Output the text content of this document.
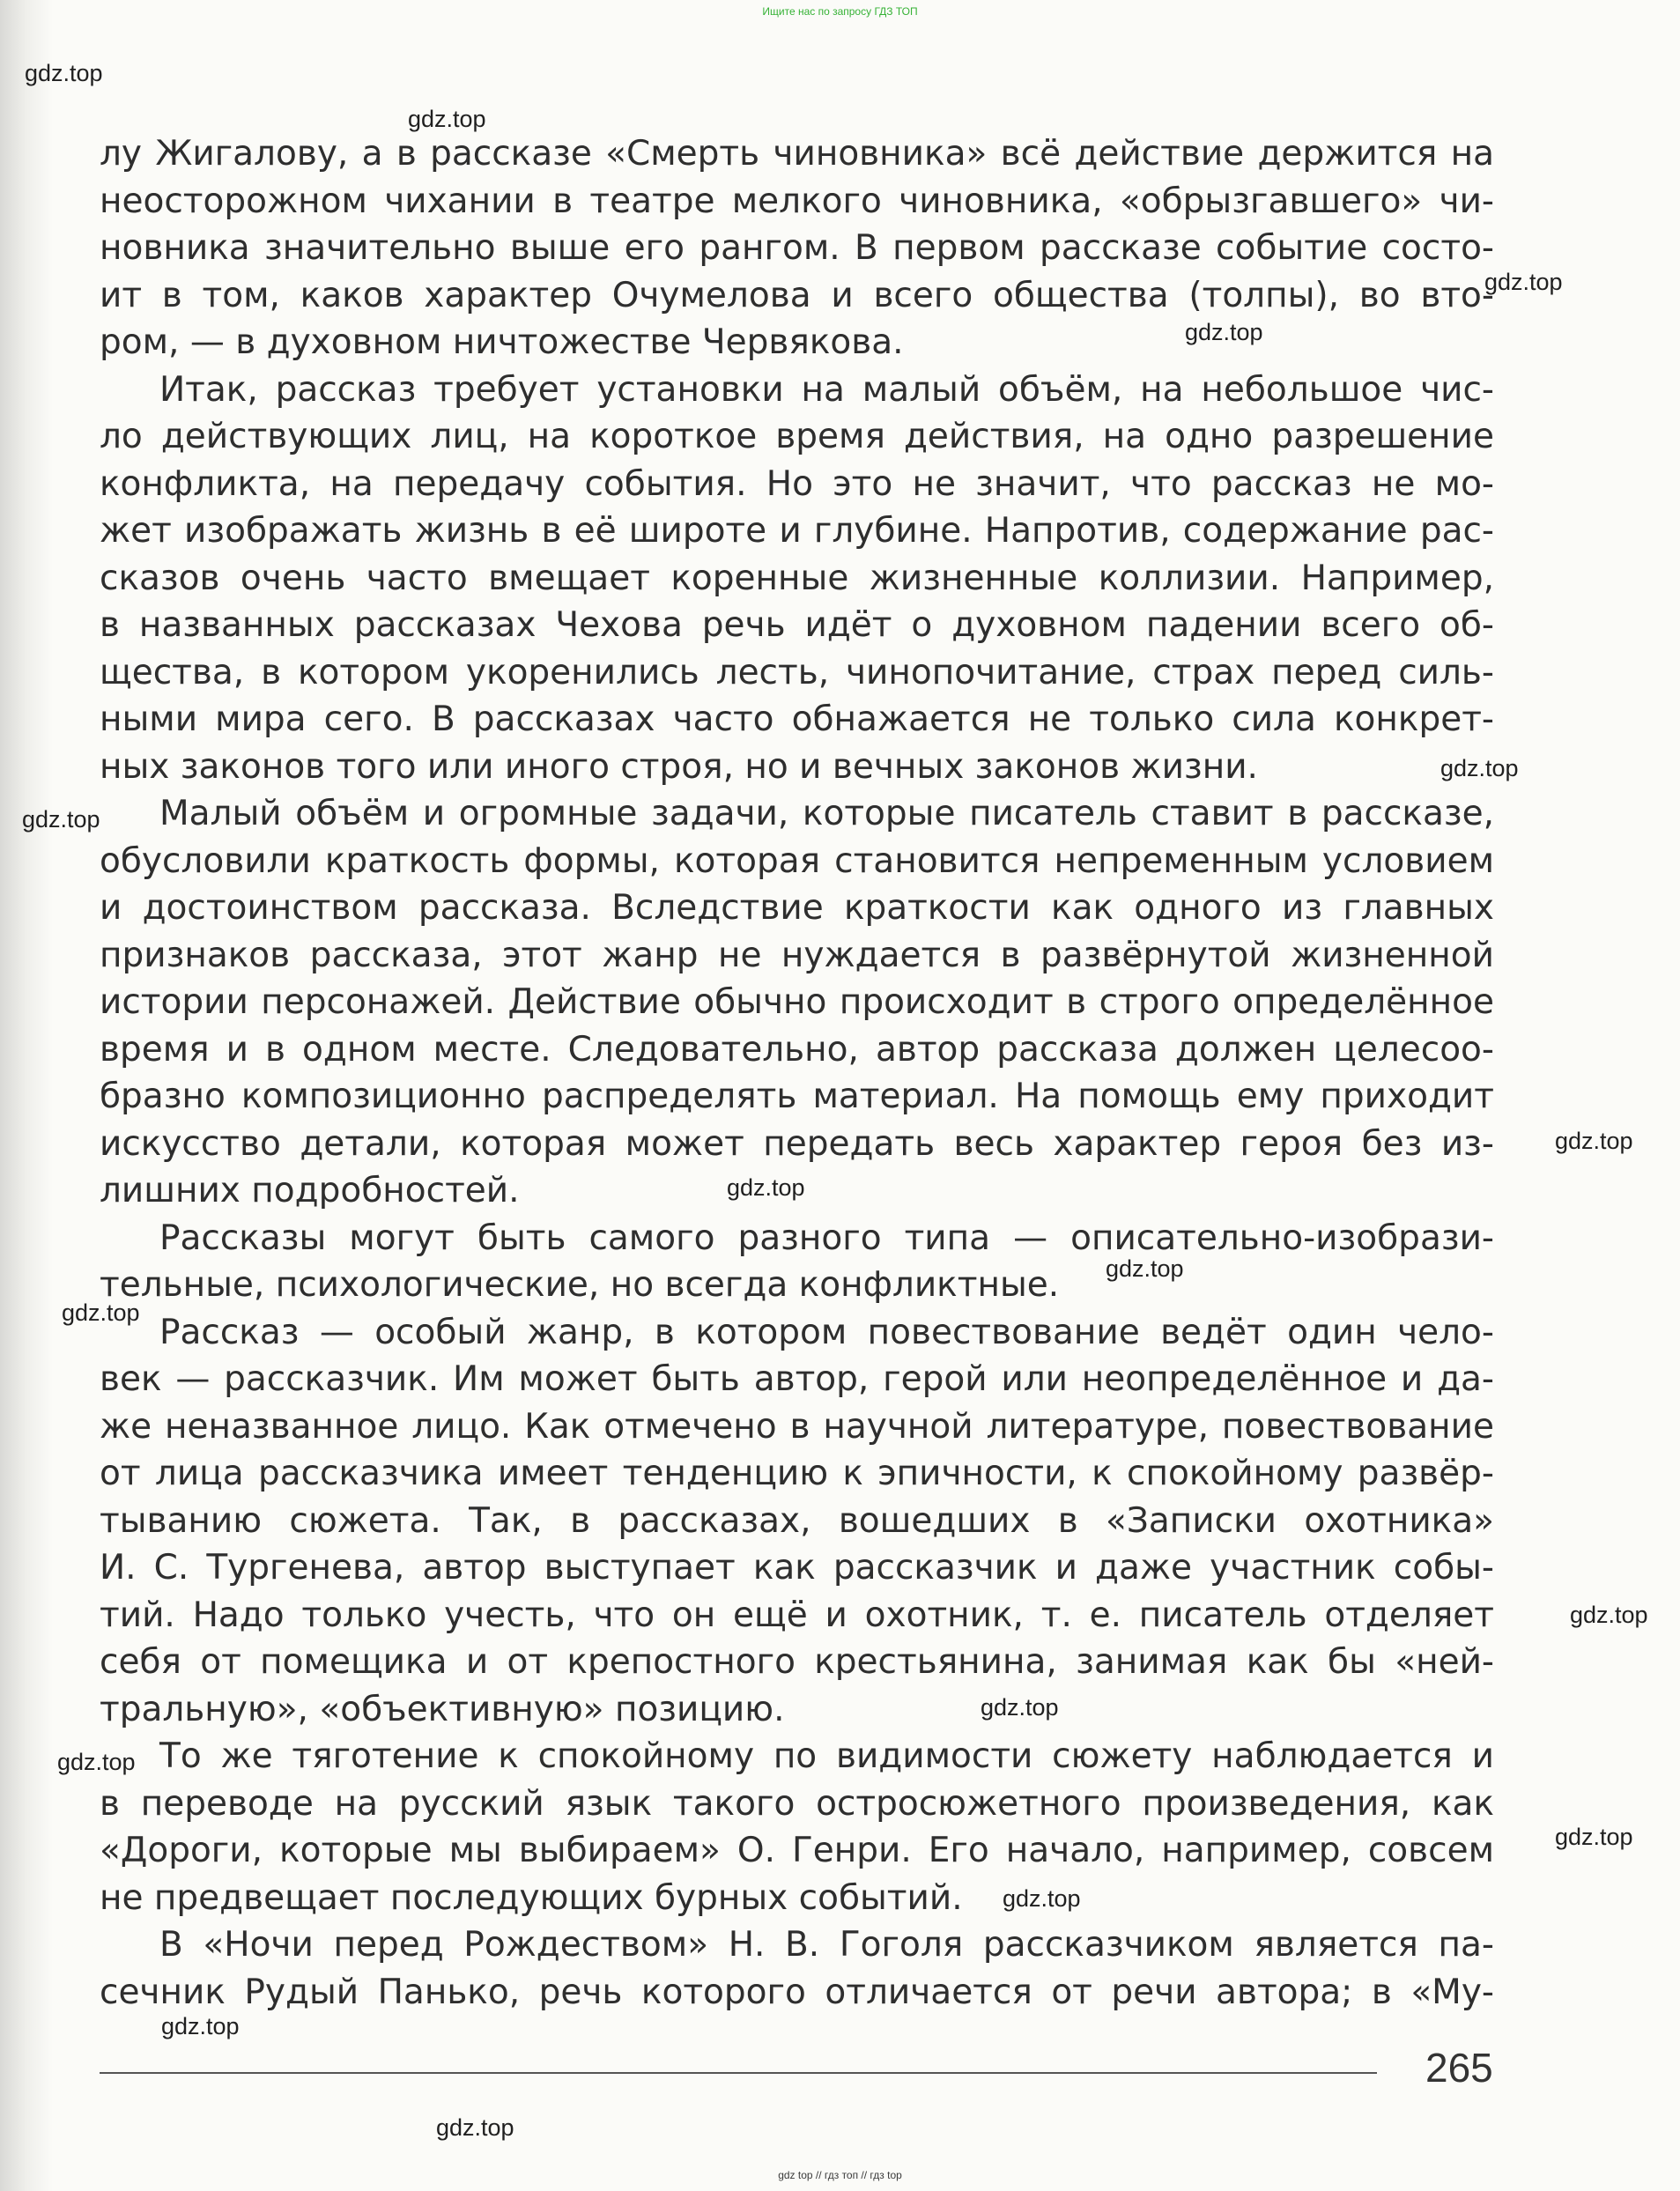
Ищите нас по запросу ГДЗ ТОП
лу Жигалову, а в рассказе «Смерть чиновника» всё действие держится на
неосторожном чихании в театре мелкого чиновника, «обрызгавшего» чи-
новника значительно выше его рангом. В первом рассказе событие состо-
ит в том, каков характер Очумелова и всего общества (толпы), во вто-
ром, — в духовном ничтожестве Червякова.
Итак, рассказ требует установки на малый объём, на небольшое чис-
ло действующих лиц, на короткое время действия, на одно разрешение
конфликта, на передачу события. Но это не значит, что рассказ не мо-
жет изображать жизнь в её широте и глубине. Напротив, содержание рас-
сказов очень часто вмещает коренные жизненные коллизии. Например,
в названных рассказах Чехова речь идёт о духовном падении всего об-
щества, в котором укоренились лесть, чинопочитание, страх перед силь-
ными мира сего. В рассказах часто обнажается не только сила конкрет-
ных законов того или иного строя, но и вечных законов жизни.
Малый объём и огромные задачи, которые писатель ставит в рассказе,
обусловили краткость формы, которая становится непременным условием
и достоинством рассказа. Вследствие краткости как одного из главных
признаков рассказа, этот жанр не нуждается в развёрнутой жизненной
истории персонажей. Действие обычно происходит в строго определённое
время и в одном месте. Следовательно, автор рассказа должен целесоо-
бразно композиционно распределять материал. На помощь ему приходит
искусство детали, которая может передать весь характер героя без из-
лишних подробностей.
Рассказы могут быть самого разного типа — описательно-изобрази-
тельные, психологические, но всегда конфликтные.
Рассказ — особый жанр, в котором повествование ведёт один чело-
век — рассказчик. Им может быть автор, герой или неопределённое и да-
же неназванное лицо. Как отмечено в научной литературе, повествование
от лица рассказчика имеет тенденцию к эпичности, к спокойному развёр-
тыванию сюжета. Так, в рассказах, вошедших в «Записки охотника»
И. С. Тургенева, автор выступает как рассказчик и даже участник собы-
тий. Надо только учесть, что он ещё и охотник, т. е. писатель отделяет
себя от помещика и от крепостного крестьянина, занимая как бы «ней-
тральную», «объективную» позицию.
То же тяготение к спокойному по видимости сюжету наблюдается и
в переводе на русский язык такого остросюжетного произведения, как
«Дороги, которые мы выбираем» О. Генри. Его начало, например, совсем
не предвещает последующих бурных событий.
В «Ночи перед Рождеством» Н. В. Гоголя рассказчиком является па-
сечник Рудый Панько, речь которого отличается от речи автора; в «Му-
gdz.top
gdz.top
gdz.top
gdz.top
gdz.top
gdz.top
gdz.top
gdz.top
gdz.top
gdz.top
gdz.top
gdz.top
gdz.top
gdz.top
gdz.top
gdz.top
gdz.top
265
gdz top // гдз топ // гдз top
